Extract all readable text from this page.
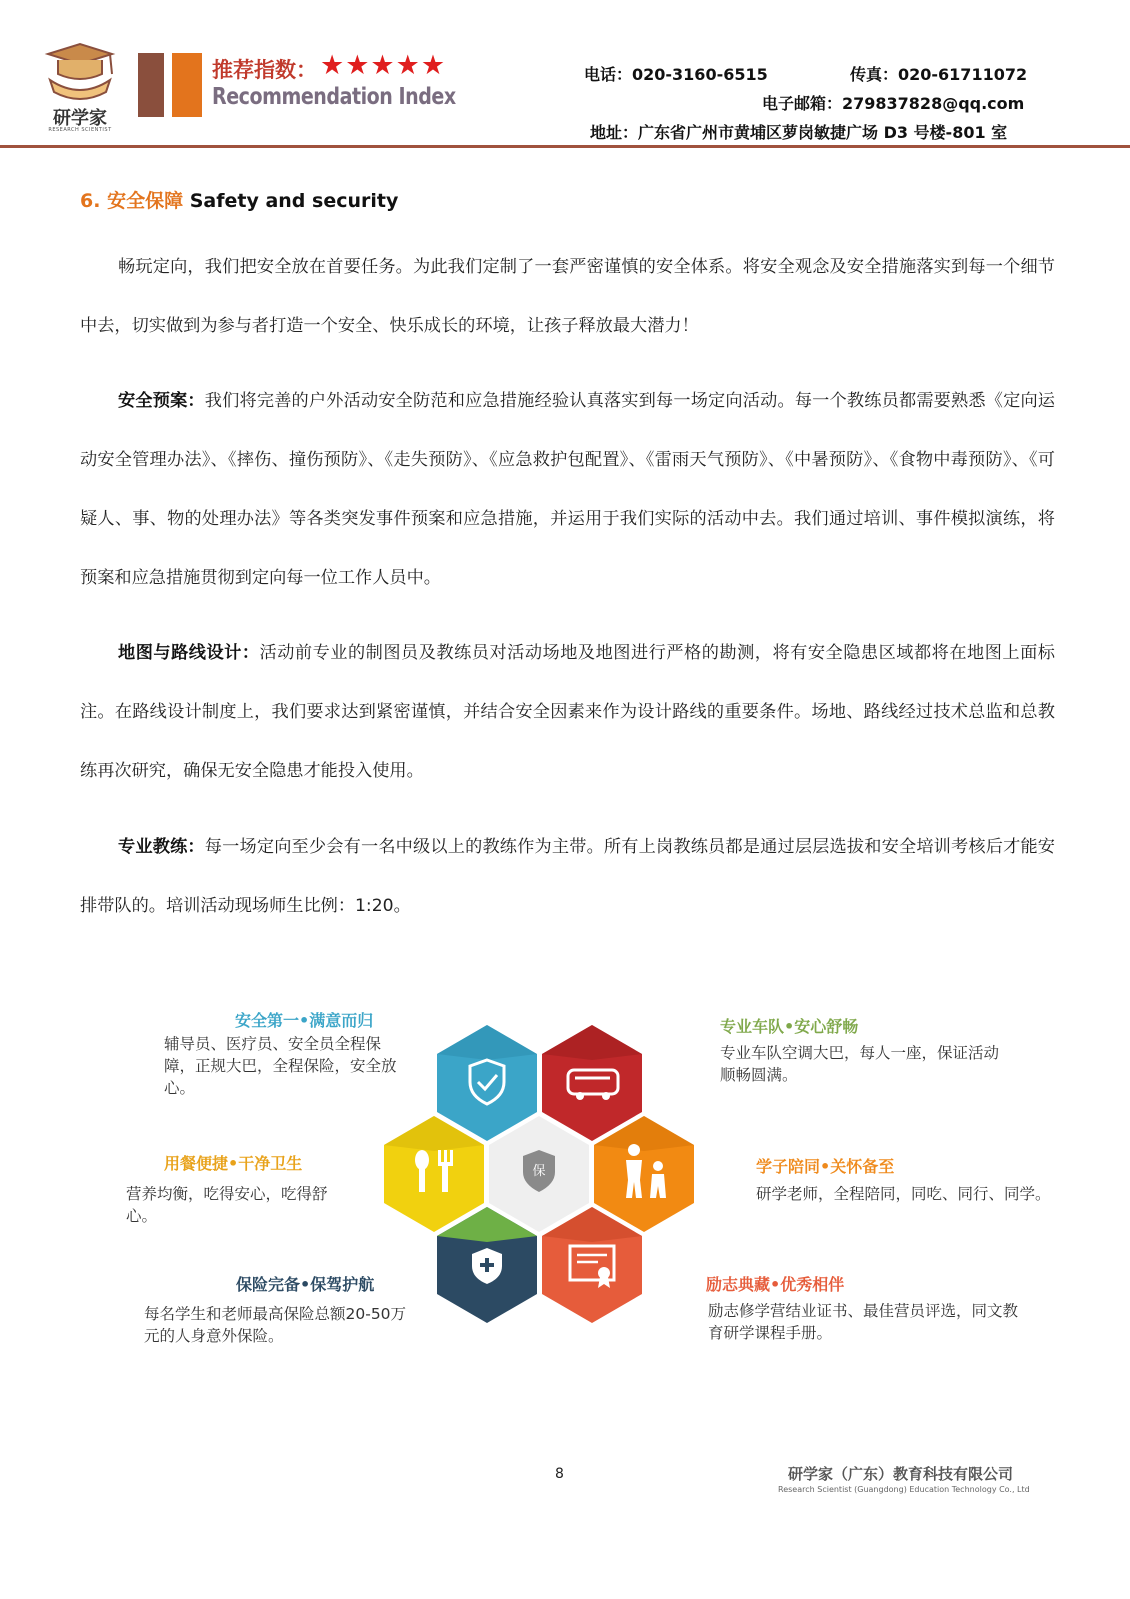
研学家
RESEARCH SCIENTIST
推荐指数： ★★★★★
Recommendation Index
电话：020-3160-6515	传真：020-61711072
电子邮箱：279837828@qq.com
地址：广东省广州市黄埔区萝岗敏捷广场 D3 号楼-801 室
6. 安全保障 Safety and security
畅玩定向，我们把安全放在首要任务。为此我们定制了一套严密谨慎的安全体系。将安全观念及安全措施落实到每一个细节中去，切实做到为参与者打造一个安全、快乐成长的环境，让孩子释放最大潜力！
安全预案：我们将完善的户外活动安全防范和应急措施经验认真落实到每一场定向活动。每一个教练员都需要熟悉《定向运动安全管理办法》、《摔伤、撞伤预防》、《走失预防》、《应急救护包配置》、《雷雨天气预防》、《中暑预防》、《食物中毒预防》、《可疑人、事、物的处理办法》等各类突发事件预案和应急措施，并运用于我们实际的活动中去。我们通过培训、事件模拟演练，将预案和应急措施贯彻到定向每一位工作人员中。
地图与路线设计：活动前专业的制图员及教练员对活动场地及地图进行严格的勘测，将有安全隐患区域都将在地图上面标注。在路线设计制度上，我们要求达到紧密谨慎，并结合安全因素来作为设计路线的重要条件。场地、路线经过技术总监和总教练再次研究，确保无安全隐患才能投入使用。
专业教练：每一场定向至少会有一名中级以上的教练作为主带。所有上岗教练员都是通过层层选拔和安全培训考核后才能安排带队的。培训活动现场师生比例：1:20。
保
安全第一•满意而归
辅导员、医疗员、安全员全程保障，正规大巴，全程保险，安全放心。
专业车队•安心舒畅
专业车队空调大巴，每人一座，保证活动顺畅圆满。
用餐便捷•干净卫生
营养均衡，吃得安心，吃得舒心。
学子陪同•关怀备至
研学老师，全程陪同，同吃、同行、同学。
保险完备•保驾护航
每名学生和老师最高保险总额20-50万元的人身意外保险。
励志典藏•优秀相伴
励志修学营结业证书、最佳营员评选，同文教育研学课程手册。
8	研学家（广东）教育科技有限公司
Research Scientist (Guangdong) Education Technology Co., Ltd
